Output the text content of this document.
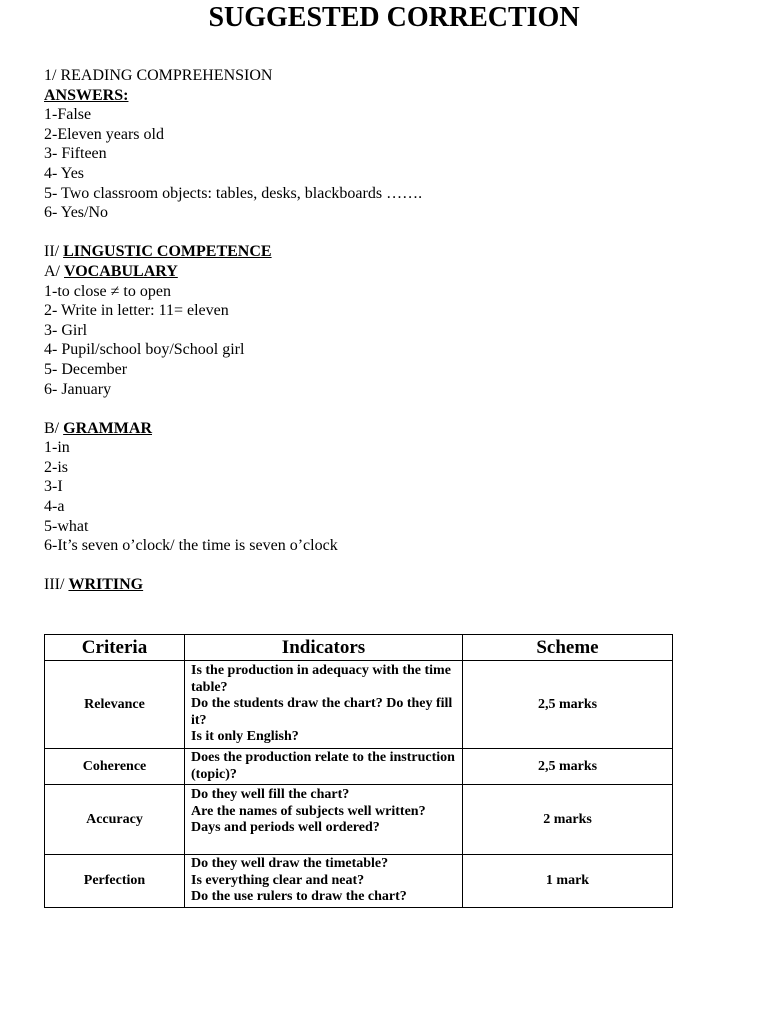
SUGGESTED CORRECTION
1/ READING COMPREHENSION
ANSWERS:
1-False
2-Eleven years old
3- Fifteen
4- Yes
5- Two classroom objects: tables, desks, blackboards …….
6- Yes/No
II/ LINGUSTIC COMPETENCE
A/ VOCABULARY
1-to close ≠ to open
2- Write in letter: 11= eleven
3- Girl
4- Pupil/school boy/School girl
5- December
6- January
B/ GRAMMAR
1-in
2-is
3-I
4-a
5-what
6-It’s seven o’clock/ the time is seven o’clock
III/ WRITING
Criteria	Indicators	Scheme
Relevance	Is the production in adequacy with the time table?
Do the students draw the chart? Do they fill it?
Is it only English?	2,5 marks
Coherence	Does the production relate to the instruction (topic)?	2,5 marks
Accuracy	Do they well fill the chart?
Are the names of subjects well written?
Days and periods well ordered?	2 marks
Perfection	Do they well draw the timetable?
Is everything clear and neat?
Do the use rulers to draw the chart?	1 mark
